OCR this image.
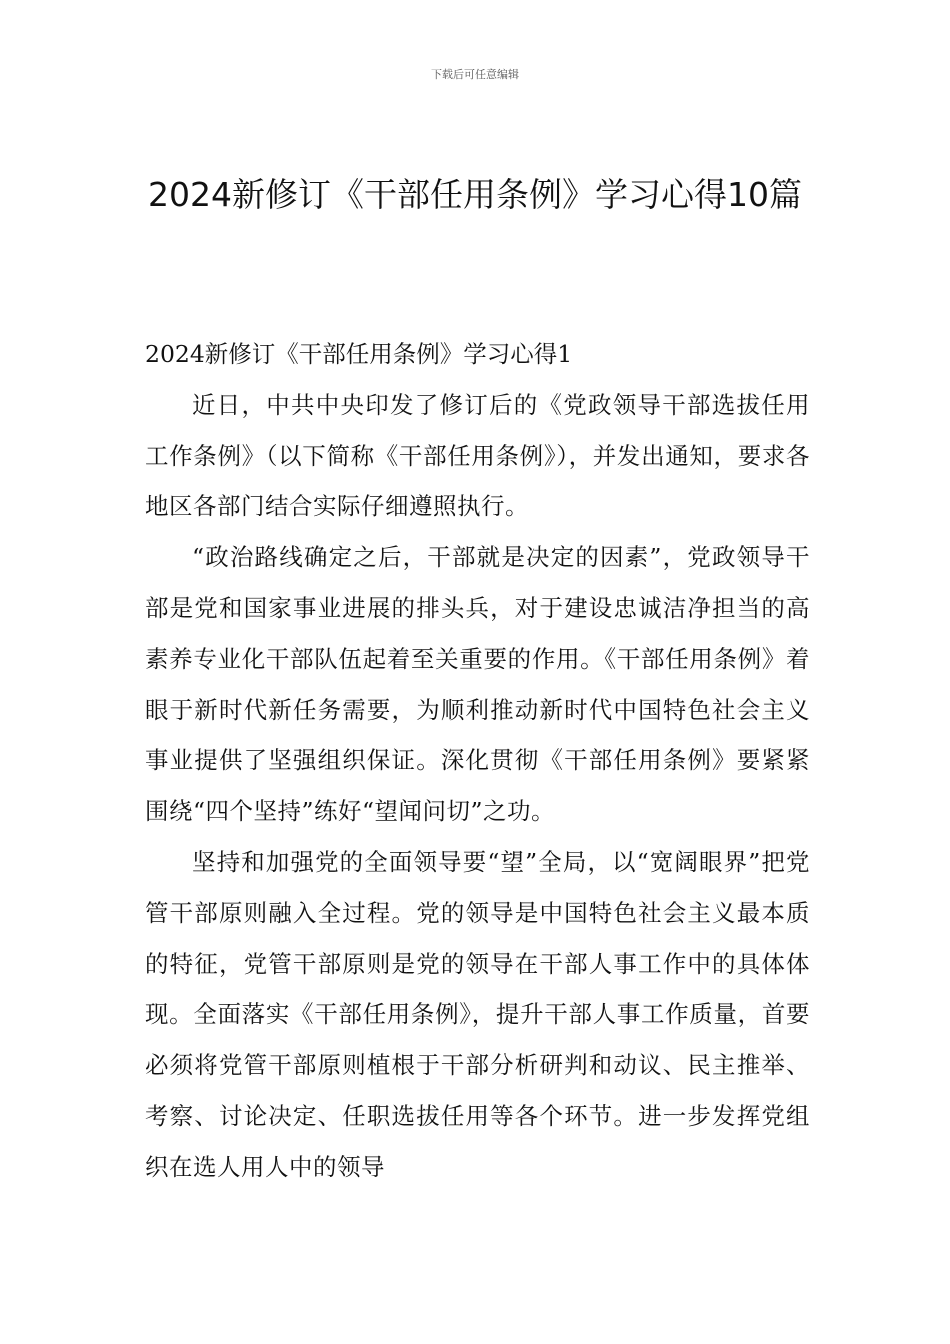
下载后可任意编辑
2024新修订《干部任用条例》学习心得10篇

2024新修订《干部任用条例》学习心得1

近日，中共中央印发了修订后的《党政领导干部选拔任用工作条例》（以下简称《干部任用条例》），并发出通知，要求各地区各部门结合实际仔细遵照执行。

“政治路线确定之后，干部就是决定的因素”，党政领导干部是党和国家事业进展的排头兵，对于建设忠诚洁净担当的高素养专业化干部队伍起着至关重要的作用。《干部任用条例》着眼于新时代新任务需要，为顺利推动新时代中国特色社会主义事业提供了坚强组织保证。深化贯彻《干部任用条例》要紧紧围绕“四个坚持”练好“望闻问切”之功。

坚持和加强党的全面领导要“望”全局，以“宽阔眼界”把党管干部原则融入全过程。党的领导是中国特色社会主义最本质的特征，党管干部原则是党的领导在干部人事工作中的具体体现。全面落实《干部任用条例》，提升干部人事工作质量，首要必须将党管干部原则植根于干部分析研判和动议、民主推举、考察、讨论决定、任职选拔任用等各个环节。进一步发挥党组织在选人用人中的领导
